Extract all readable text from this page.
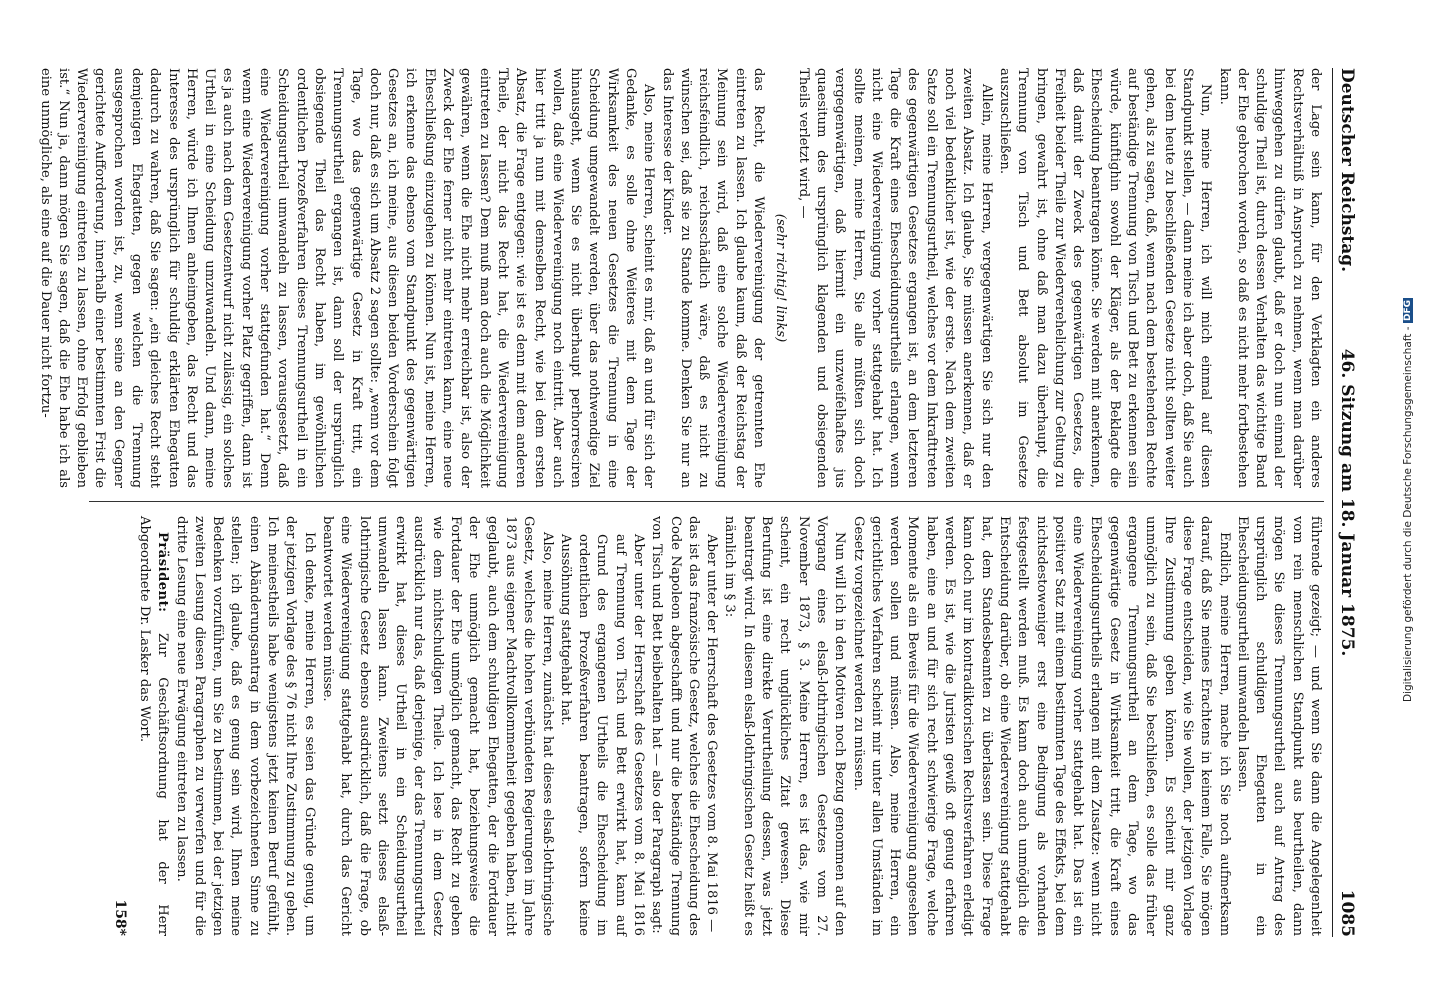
Deutscher Reichstag.
46. Sitzung am 18. Januar 1875.
1085

der Lage sein kann, für den Verklagten ein anderes Rechtsverhältniß in Anspruch zu nehmen, wenn man darüber hinweggehen zu dürfen glaubt, daß er doch nun einmal der schuldige Theil ist, durch dessen Verhalten das wichtige Band der Ehe gebrochen worden, so daß es nicht mehr fortbestehen kann.

Nun, meine Herren, ich will mich einmal auf diesen Standpunkt stellen, — dann meine ich aber doch, daß Sie auch bei dem heute zu beschließenden Gesetze nicht sollten weiter gehen, als zu sagen, daß, wenn nach dem bestehenden Rechte auf beständige Trennung von Tisch und Bett zu erkennen sein würde, künftighin sowohl der Kläger, als der Beklagte die Ehescheidung beantragen könne. Sie werden mit anerkennen, daß damit der Zweck des gegenwärtigen Gesetzes, die Freiheit beider Theile zur Wiederverehelichung zur Geltung zu bringen, gewahrt ist, ohne daß man dazu überhaupt, die Trennung von Tisch und Bett absolut im Gesetze auszuschließen.

Allein, meine Herren, vergegenwärtigen Sie sich nur den zweiten Absatz. Ich glaube, Sie müssen anerkennen, daß er noch viel bedenklicher ist, wie der erste. Nach dem zweiten Satze soll ein Trennungsurtheil, welches vor dem Inkrafttreten des gegenwärtigen Gesetzes ergangen ist, an dem letzteren Tage die Kraft eines Ehescheidungsurtheils erlangen, wenn nicht eine Wiedervereinigung vorher stattgehabt hat. Ich sollte meinen, meine Herren, Sie alle müßten sich doch vergegenwärtigen, daß hiermit ein unzweifelhaftes jus quaesitum des ursprünglich klagenden und obsiegenden Theils verletzt wird, —

(sehr richtig! links)

das Recht, die Wiedervereinigung der getrennten Ehe eintreten zu lassen. Ich glaube kaum, daß der Reichstag der Meinung sein wird, daß eine solche Wiedervereinigung reichsfeindlich, reichsschädlich wäre, daß es nicht zu wünschen sei, daß sie zu Stande komme. Denken Sie nur an das Interesse der Kinder.

Also, meine Herren, scheint es mir, daß an und für sich der Gedanke, es solle ohne Weiteres mit dem Tage der Wirksamkeit des neuen Gesetzes die Trennung in eine Scheidung umgewandelt werden, über das nothwendige Ziel hinausgeht, wenn Sie es nicht überhaupt perhorresciren wollen, daß eine Wiedervereinigung noch eintritt. Aber auch hier tritt ja nun mit demselben Recht, wie bei dem ersten Absatz, die Frage entgegen: wie ist es denn mit dem anderen Theile, der nicht das Recht hat, die Wiedervereinigung eintreten zu lassen? Dem muß man doch auch die Möglichkeit gewähren, wenn die Ehe nicht mehr erreichbar ist, also der Zweck der Ehe ferner nicht mehr eintreten kann, eine neue Eheschließung einzugehen zu können. Nun ist, meine Herren, ich erkenne das ebenso vom Standpunkt des gegenwärtigen Gesetzes an, ich meine, aus diesen beiden Vorderschein folgt doch nur, daß es sich um Absatz 2 sagen sollte: „wenn vor dem Tage, wo das gegenwärtige Gesetz in Kraft tritt, ein Trennungsurtheil ergangen ist, dann soll der ursprünglich obsiegende Theil das Recht haben, im gewöhnlichen ordentlichen Prozeßverfahren dieses Trennungsurtheil in ein Scheidungsurtheil umwandeln zu lassen, vorausgesetzt, daß eine Wiedervereinigung vorher stattgefunden hat.“ Denn wenn eine Wiedervereinigung vorher Platz gegriffen, dann ist es ja auch nach dem Gesetzentwurf nicht zulässig, ein solches Urtheil in eine Scheidung umzuwandeln. Und dann, meine Herren, würde ich Ihnen anheimgeben, das Recht und das Interesse des ursprünglich für schuldig erklärten Ehegatten dadurch zu wahren, daß Sie sagen: „ein gleiches Recht steht demjenigen Ehegatten, gegen welchen die Trennung ausgesprochen worden ist, zu, wenn seine an den Gegner gerichtete Aufforderung, innerhalb einer bestimmten Frist die Wiedervereinigung eintreten zu lassen, ohne Erfolg geblieben ist.“ Nun ja, dann mögen Sie sagen, daß die Ehe habe ich als eine unmögliche, als eine auf die Dauer nicht fortzu-

führende gezeigt; — und wenn Sie dann die Angelegenheit vom rein menschlichen Standpunkt aus beurtheilen, dann mögen Sie dieses Trennungsurtheil auch auf Antrag des ursprünglich schuldigen Ehegatten in ein Ehescheidungsurtheil umwandeln lassen.

Endlich, meine Herren, mache ich Sie noch aufmerksam darauf, daß Sie meines Erachtens in keinem Falle, Sie mögen diese Frage entscheiden, wie Sie wollen, der jetzigen Vorlage Ihre Zustimmung geben können. Es scheint mir ganz unmöglich zu sein, daß Sie beschließen, es solle das früher ergangene Trennungsurtheil an dem Tage, wo das gegenwärtige Gesetz in Wirksamkeit tritt, die Kraft eines Ehescheidungsurtheils erlangen mit dem Zusatze: wenn nicht eine Wiedervereinigung vorher stattgehabt hat. Das ist ein positiver Satz mit einem bestimmten Tage des Effekts, bei dem nichtsdestoweniger erst eine Bedingung als vorhanden festgestellt werden muß. Es kann doch auch unmöglich die Entscheidung darüber, ob eine Wiedervereinigung stattgehabt hat, dem Standesbeamten zu überlassen sein. Diese Frage kann doch nur im kontradiktorischen Rechtsverfahren erledigt werden. Es ist, wie die Juristen gewiß oft genug erfahren haben, eine an und für sich recht schwierige Frage, welche Momente als ein Beweis für die Wiedervereinigung angesehen werden sollen und müssen. Also, meine Herren, ein gerichtliches Verfahren scheint mir unter allen Umständen im Gesetz vorgezeichnet werden zu müssen.

Nun will ich in den Motiven noch Bezug genommen auf den Vorgang eines elsaß-lothringischen Gesetzes vom 27. November 1873, § 3. Meine Herren, es ist das, wie mir scheint, ein recht unglückliches Zitat gewesen. Diese Berufung ist eine direkte Verurtheilung dessen, was jetzt beantragt wird. In diesem elsaß-lothringischen Gesetz heißt es nämlich im § 3:

Aber unter der Herrschaft des Gesetzes vom 8. Mai 1816 —

das ist das französische Gesetz, welches die Ehescheidung des Code Napoleon abgeschafft und nur die beständige Trennung von Tisch und Bett beibehalten hat — also der Paragraph sagt:

Aber unter der Herrschaft des Gesetzes vom 8. Mai 1816 auf Trennung von Tisch und Bett erwirkt hat, kann auf Grund des ergangenen Urtheils die Ehescheidung im ordentlichen Prozeßverfahren beantragen, sofern keine Aussöhnung stattgehabt hat.

Also, meine Herren, zunächst hat dieses elsaß-lothringische Gesetz, welches die hohen verbündeten Regierungen im Jahre 1873 aus eigener Machtvollkommenheit gegeben haben, nicht geglaubt, auch dem schuldigen Ehegatten, der die Fortdauer der Ehe unmöglich gemacht hat, beziehungsweise die Fortdauer der Ehe unmöglich gemacht, das Recht zu geben wie dem nichtschuldigen Theile. Ich lese in dem Gesetz ausdrücklich nur das, daß derjenige, der das Trennungsurtheil erwirkt hat, dieses Urtheil in ein Scheidungsurtheil umwandeln lassen kann. Zweitens setzt dieses elsaß-lothringische Gesetz ebenso ausdrücklich, daß die Frage, ob eine Wiedervereinigung stattgehabt hat, durch das Gericht beantwortet werden müsse.

Ich denke, meine Herren, es seien das Gründe genug, um der jetzigen Vorlage des § 76 nicht Ihre Zustimmung zu geben. Ich meinestheils habe wenigstens jetzt keinen Beruf gefühlt, einen Abänderungsantrag in dem vorbezeichneten Sinne zu stellen; ich glaube, daß es genug sein wird, Ihnen meine Bedenken vorzuführen, um Sie zu bestimmen, bei der jetzigen zweiten Lesung diesen Paragraphen zu verwerfen und für die dritte Lesung eine neue Erwägung eintreten zu lassen.

Präsident: Zur Geschäftsordnung hat der Herr Abgeordnete Dr. Lasker das Wort.

158*
Digitalisierung gefördert durch die Deutsche Forschungsgemeinschaft - DFG
